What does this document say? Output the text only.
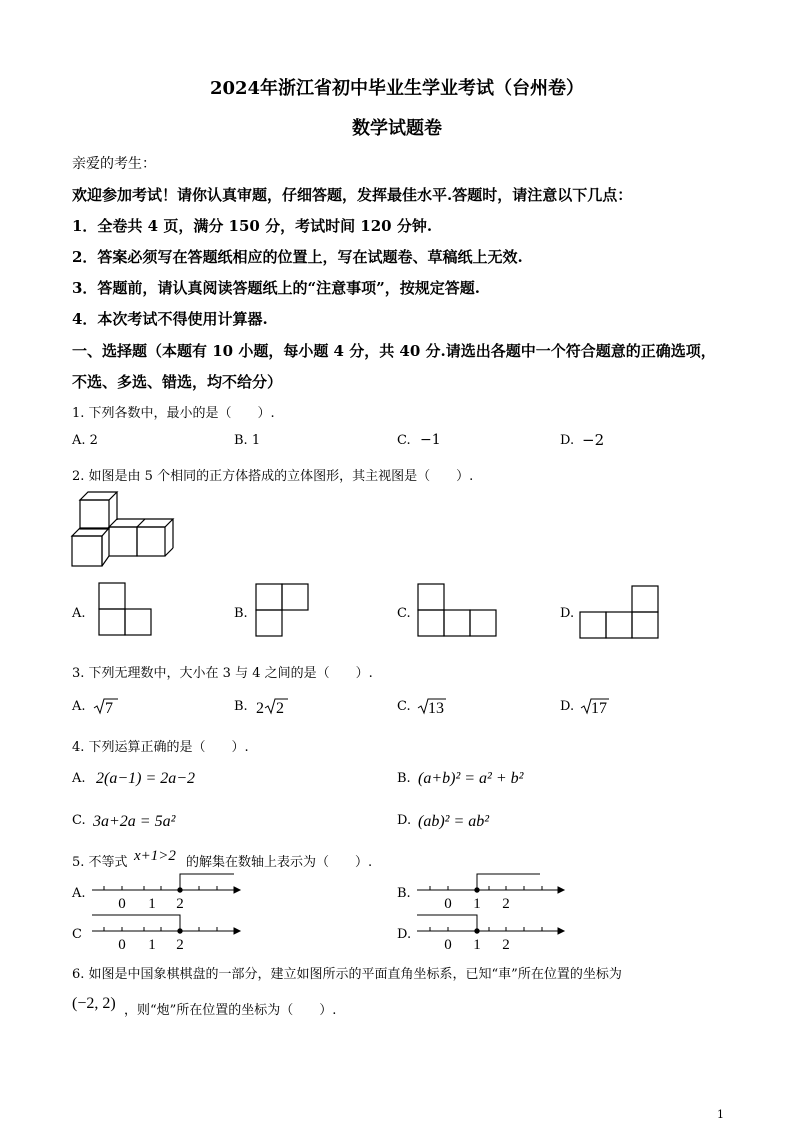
2024年浙江省初中毕业生学业考试（台州卷）
数学试题卷
亲爱的考生：
欢迎参加考试！请你认真审题，仔细答题，发挥最佳水平.答题时，请注意以下几点：
1．全卷共 4 页，满分 150 分，考试时间 120 分钟.
2．答案必须写在答题纸相应的位置上，写在试题卷、草稿纸上无效.
3．答题前，请认真阅读答题纸上的“注意事项”，按规定答题.
4．本次考试不得使用计算器.
一、选择题（本题有 10 小题，每小题 4 分，共 40 分.请选出各题中一个符合题意的正确选项，
不选、多选、错选，均不给分）
1. 下列各数中，最小的是（　　）.
A. 2	B. 1	C. −1	D. −2
2. 如图是由 5 个相同的正方体搭成的立体图形，其主视图是（　　）.
A.	B.	C.	D.
3. 下列无理数中，大小在 3 与 4 之间的是（　　）.
A.	B.	C.	D.
4. 下列运算正确的是（　　）.
A.	B.
C.	D.
5. 不等式 x+1>2 的解集在数轴上表示为（　　）.
A.	B.
C	D.
6. 如图是中国象棋棋盘的一部分，建立如图所示的平面直角坐标系，已知“車”所在位置的坐标为
(−2, 2) ，则“炮”所在位置的坐标为（　　）.
1
7	2 2	13	17
2(a−1) = 2a−2	(a+b)² = a² + b²
3a+2a = 5a²	(ab)² = ab²
0 1 2	0 1 2
0 1 2	0 1 2
